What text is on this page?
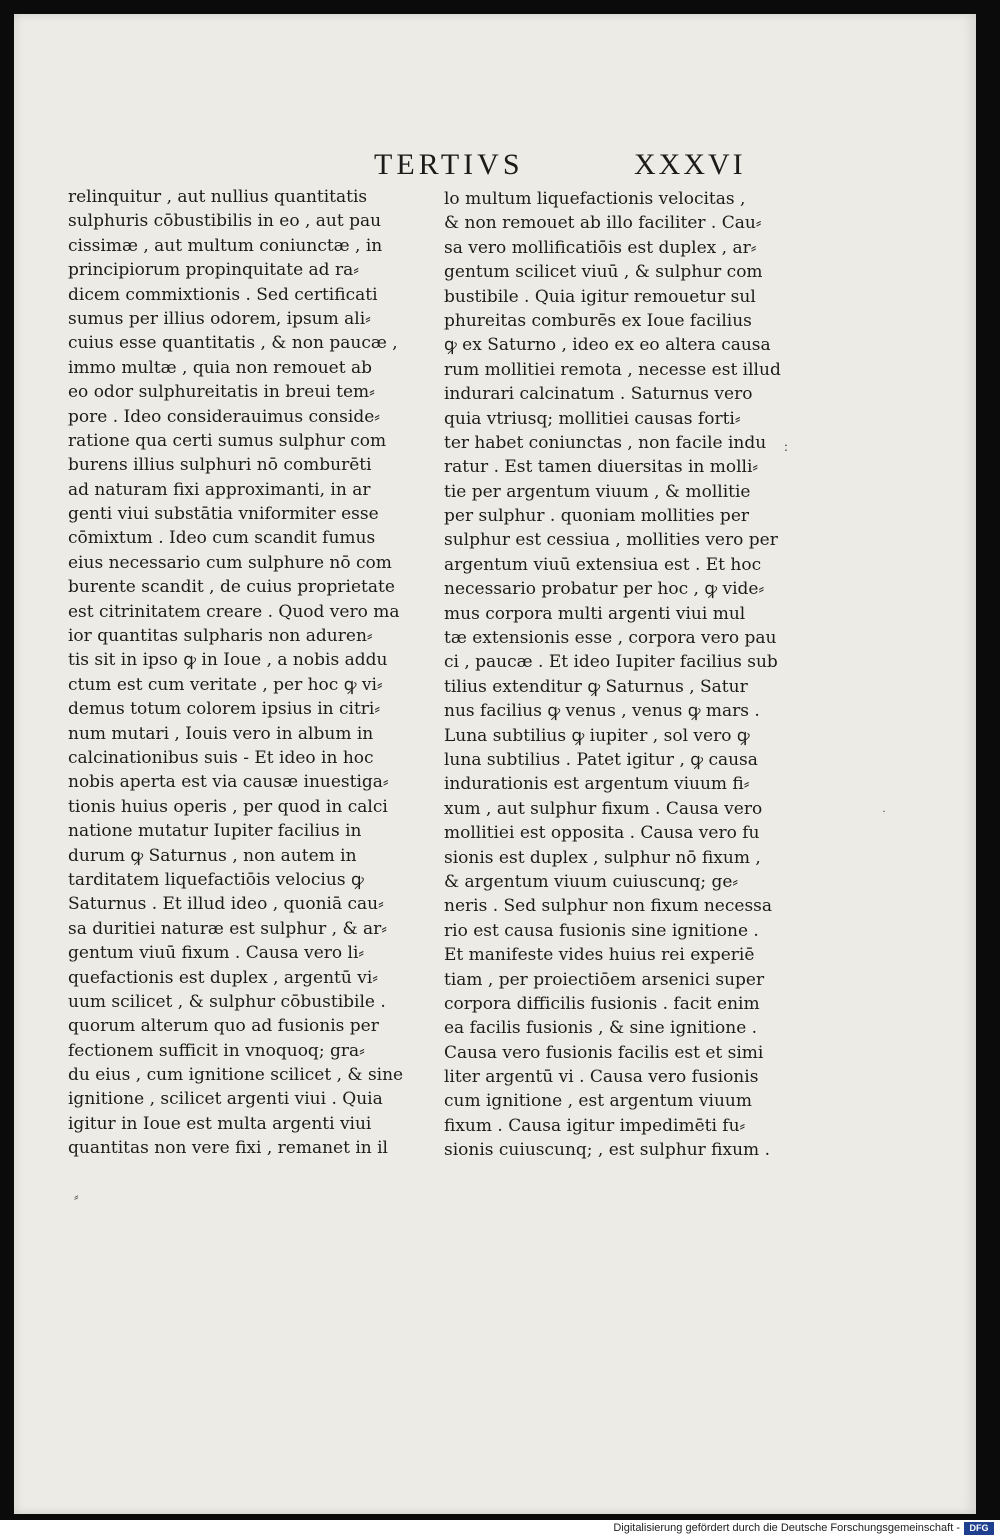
TERTIVS	XXXVI
relinquitur , aut nullius quantitatis
sulphuris cōbustibilis in eo , aut pau
cissimæ , aut multum coniunctæ , in
principiorum propinquitate ad ra⸗
dicem commixtionis . Sed certificati
sumus per illius odorem, ipsum ali⸗
cuius esse quantitatis , & non paucæ ,
immo multæ , quia non remouet ab
eo odor sulphureitatis in breui tem⸗
pore . Ideo considerauimus conside⸗
ratione qua certi sumus sulphur com
burens illius sulphuri nō comburēti
ad naturam fixi approximanti, in ar
genti viui substātia vniformiter esse
cōmixtum . Ideo cum scandit fumus
eius necessario cum sulphure nō com
burente scandit , de cuius proprietate
est citrinitatem creare . Quod vero ma
ior quantitas sulpharis non aduren⸗
tis sit in ipso ꝙ in Ioue , a nobis addu
ctum est cum veritate , per hoc ꝙ vi⸗
demus totum colorem ipsius in citri⸗
num mutari , Iouis vero in album in
calcinationibus suis - Et ideo in hoc
nobis aperta est via causæ inuestiga⸗
tionis huius operis , per quod in calci
natione mutatur Iupiter facilius in
durum ꝙ Saturnus , non autem in
tarditatem liquefactiōis velocius ꝙ
Saturnus . Et illud ideo , quoniā cau⸗
sa duritiei naturæ est sulphur , & ar⸗
gentum viuū fixum . Causa vero li⸗
quefactionis est duplex , argentū vi⸗
uum scilicet , & sulphur cōbustibile .
quorum alterum quo ad fusionis per
fectionem sufficit in vnoquoq; gra⸗
du eius , cum ignitione scilicet , & sine
ignitione , scilicet argenti viui . Quia
igitur in Ioue est multa argenti viui
quantitas non vere fixi , remanet in il
lo multum liquefactionis velocitas ,
& non remouet ab illo faciliter . Cau⸗
sa vero mollificatiōis est duplex , ar⸗
gentum scilicet viuū , & sulphur com
bustibile . Quia igitur remouetur sul
phureitas comburēs ex Ioue facilius
ꝙ ex Saturno , ideo ex eo altera causa
rum mollitiei remota , necesse est illud
indurari calcinatum . Saturnus vero
quia vtriusq; mollitiei causas forti⸗
ter habet coniunctas , non facile indu
ratur . Est tamen diuersitas in molli⸗
tie per argentum viuum , & mollitie
per sulphur . quoniam mollities per
sulphur est cessiua , mollities vero per
argentum viuū extensiua est . Et hoc
necessario probatur per hoc , ꝙ vide⸗
mus corpora multi argenti viui mul
tæ extensionis esse , corpora vero pau
ci , paucæ . Et ideo Iupiter facilius sub
tilius extenditur ꝙ Saturnus , Satur
nus facilius ꝙ venus , venus ꝙ mars .
Luna subtilius ꝙ iupiter , sol vero ꝙ
luna subtilius . Patet igitur , ꝙ causa
indurationis est argentum viuum fi⸗
xum , aut sulphur fixum . Causa vero
mollitiei est opposita . Causa vero fu
sionis est duplex , sulphur nō fixum ,
& argentum viuum cuiuscunq; ge⸗
neris . Sed sulphur non fixum necessa
rio est causa fusionis sine ignitione .
Et manifeste vides huius rei experiē
tiam , per proiectiōem arsenici super
corpora difficilis fusionis . facit enim
ea facilis fusionis , & sine ignitione .
Causa vero fusionis facilis est et simi
liter argentū vi . Causa vero fusionis
cum ignitione , est argentum viuum
fixum . Causa igitur impedimēti fu⸗
sionis cuiuscunq; , est sulphur fixum .
:
·
⸗
Digitalisierung gefördert durch die Deutsche Forschungsgemeinschaft -	DFG
